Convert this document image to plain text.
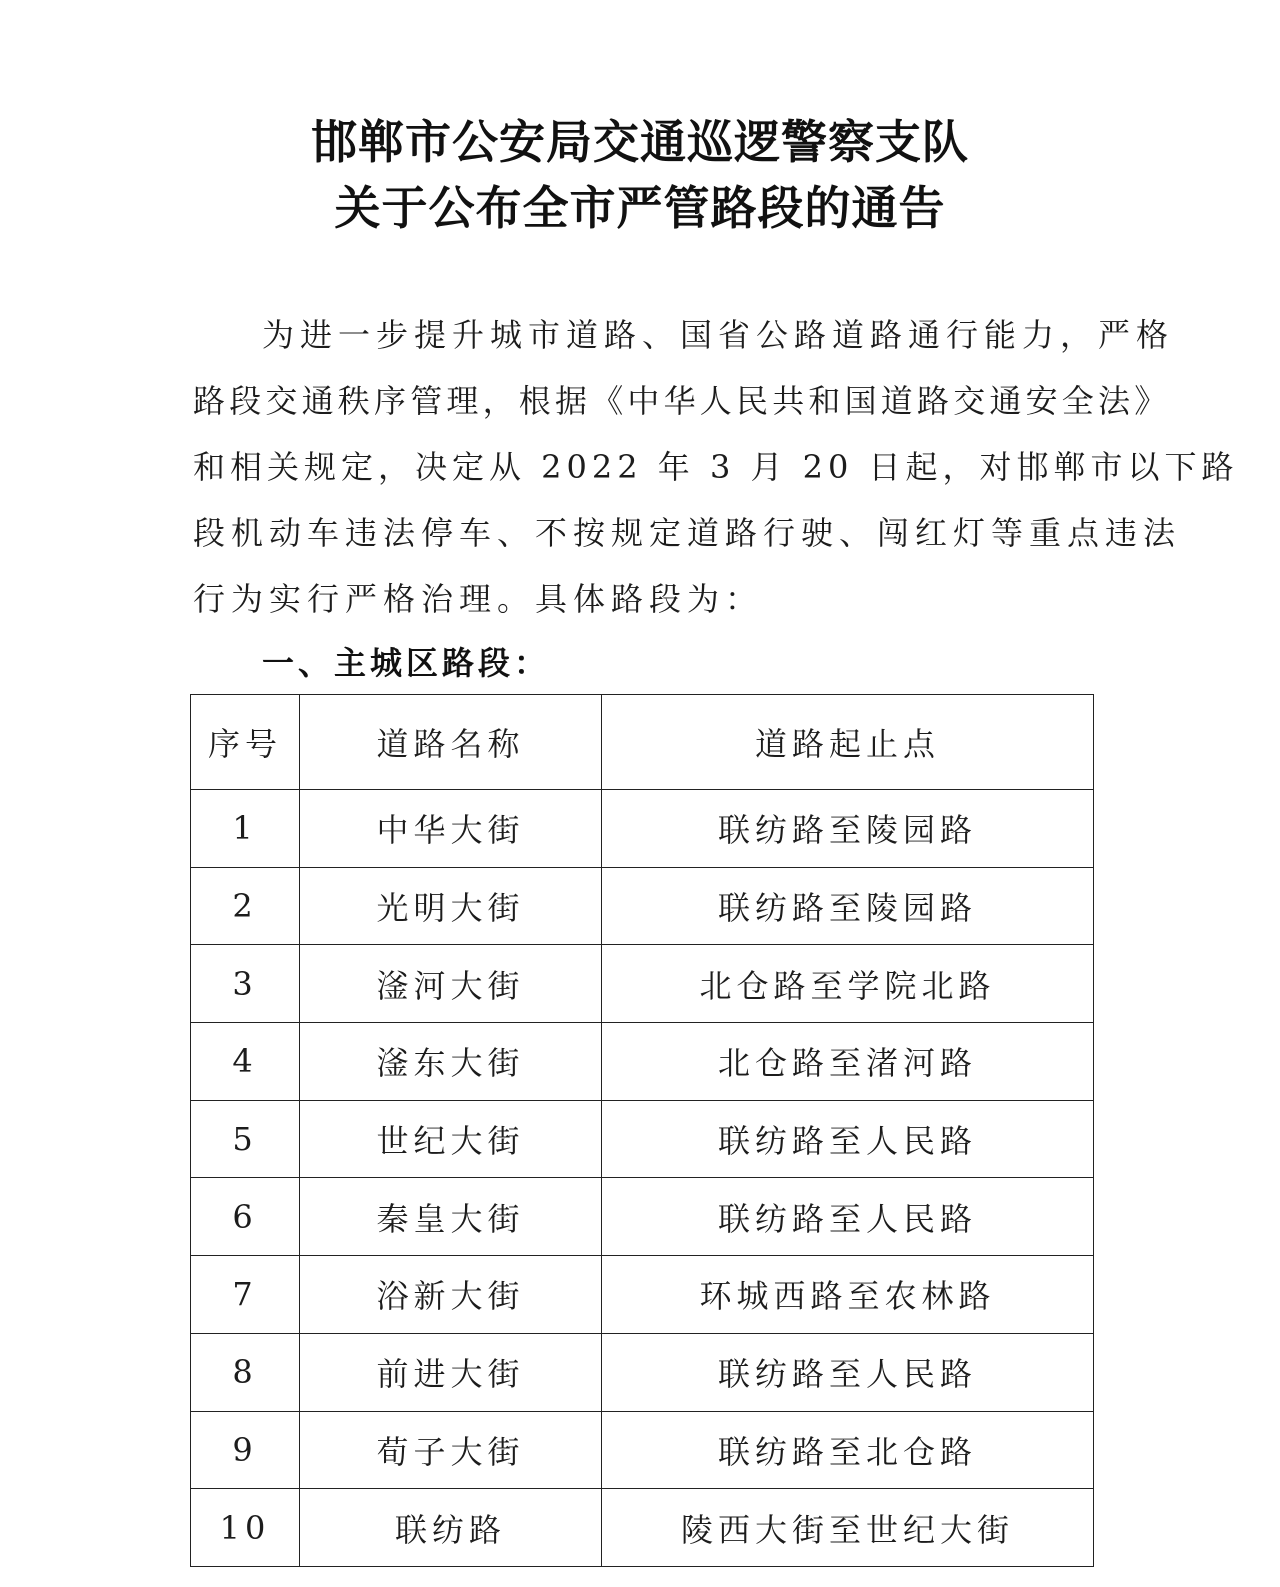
邯郸市公安局交通巡逻警察支队
关于公布全市严管路段的通告
为进一步提升城市道路、国省公路道路通行能力，严格
路段交通秩序管理，根据《中华人民共和国道路交通安全法》
和相关规定，决定从 2022 年 3 月 20 日起，对邯郸市以下路
段机动车违法停车、不按规定道路行驶、闯红灯等重点违法
行为实行严格治理。具体路段为：
一、主城区路段：
序号	道路名称	道路起止点
1	中华大街	联纺路至陵园路
2	光明大街	联纺路至陵园路
3	滏河大街	北仓路至学院北路
4	滏东大街	北仓路至渚河路
5	世纪大街	联纺路至人民路
6	秦皇大街	联纺路至人民路
7	浴新大街	环城西路至农林路
8	前进大街	联纺路至人民路
9	荀子大街	联纺路至北仓路
10	联纺路	陵西大街至世纪大街
